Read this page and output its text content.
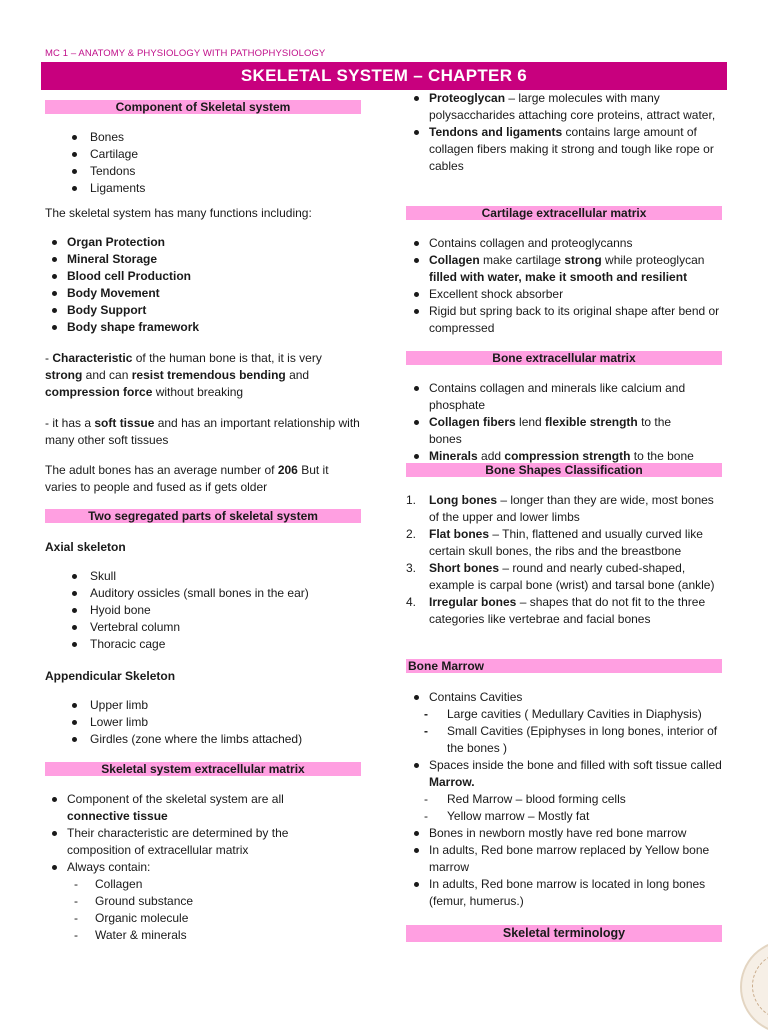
MC 1 – ANATOMY & PHYSIOLOGY WITH PATHOPHYSIOLOGY
SKELETAL SYSTEM – CHAPTER 6
Component of Skeletal system
Bones
Cartilage
Tendons
Ligaments

The skeletal system has many functions including:

Organ Protection
Mineral Storage
Blood cell Production
Body Movement
Body Support
Body shape framework

- Characteristic of the human bone is that, it is very strong and can resist tremendous bending and compression force without breaking

- it has a soft tissue and has an important relationship with many other soft tissues

The adult bones has an average number of 206 But it varies to people and fused as if gets older

Two segregated parts of skeletal system

Axial skeleton

Skull
Auditory ossicles (small bones in the ear)
Hyoid bone
Vertebral column
Thoracic cage

Appendicular Skeleton

Upper limb
Lower limb
Girdles (zone where the limbs attached)
Skeletal system extracellular matrix
Component of the skeletal system are all connective tissue
Their characteristic are determined by the composition of extracellular matrix
Always contain:
- Collagen
- Ground substance
- Organic molecule
- Water & minerals
Proteoglycan – large molecules with many polysaccharides attaching core proteins, attract water,
Tendons and ligaments contains large amount of collagen fibers making it strong and tough like rope or cables
Cartilage extracellular matrix
Contains collagen and proteoglycanns
Collagen make cartilage strong while proteoglycan filled with water, make it smooth and resilient
Excellent shock absorber
Rigid but spring back to its original shape after bend or compressed
Bone extracellular matrix
Contains collagen and minerals like calcium and phosphate
Collagen fibers lend flexible strength to the bones
Minerals add compression strength to the bone
Bone Shapes Classification
1. Long bones – longer than they are wide, most bones of the upper and lower limbs
2. Flat bones – Thin, flattened and usually curved like certain skull bones, the ribs and the breastbone
3. Short bones – round and nearly cubed-shaped, example is carpal bone (wrist) and tarsal bone (ankle)
4. Irregular bones – shapes that do not fit to the three categories like vertebrae and facial bones
Bone Marrow
Contains Cavities
- Large cavities ( Medullary Cavities in Diaphysis)
- Small Cavities (Epiphyses in long bones, interior of the bones )
Spaces inside the bone and filled with soft tissue called Marrow.
- Red Marrow – blood forming cells
- Yellow marrow – Mostly fat
Bones in newborn mostly have red bone marrow
In adults, Red bone marrow replaced by Yellow bone marrow
In adults, Red bone marrow is located in long bones (femur, humerus.)
Skeletal terminology
